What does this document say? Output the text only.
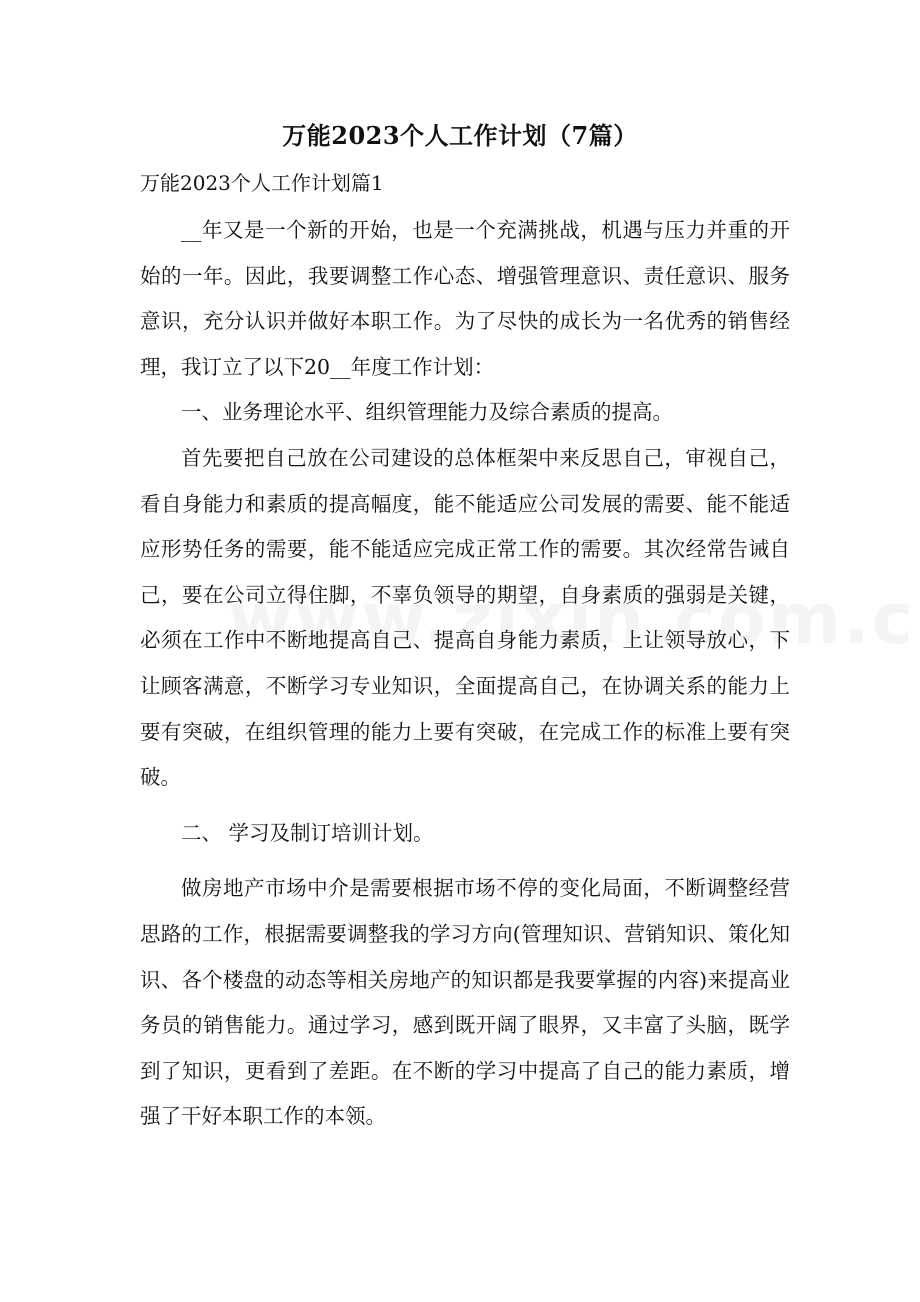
万能2023个人工作计划（7篇）
万能2023个人工作计划篇1

__年又是一个新的开始，也是一个充满挑战，机遇与压力并重的开始的一年。因此，我要调整工作心态、增强管理意识、责任意识、服务意识，充分认识并做好本职工作。为了尽快的成长为一名优秀的销售经理，我订立了以下20__年度工作计划：

一、业务理论水平、组织管理能力及综合素质的提高。

首先要把自己放在公司建设的总体框架中来反思自己，审视自己，看自身能力和素质的提高幅度，能不能适应公司发展的需要、能不能适应形势任务的需要，能不能适应完成正常工作的需要。其次经常告诫自己，要在公司立得住脚，不辜负领导的期望，自身素质的强弱是关键，必须在工作中不断地提高自己、提高自身能力素质，上让领导放心，下让顾客满意，不断学习专业知识，全面提高自己，在协调关系的能力上要有突破，在组织管理的能力上要有突破，在完成工作的标准上要有突破。

二、 学习及制订培训计划。

做房地产市场中介是需要根据市场不停的变化局面，不断调整经营思路的工作，根据需要调整我的学习方向(管理知识、营销知识、策化知识、各个楼盘的动态等相关房地产的知识都是我要掌握的内容)来提高业务员的销售能力。通过学习，感到既开阔了眼界，又丰富了头脑，既学到了知识，更看到了差距。在不断的学习中提高了自己的能力素质，增强了干好本职工作的本领。
